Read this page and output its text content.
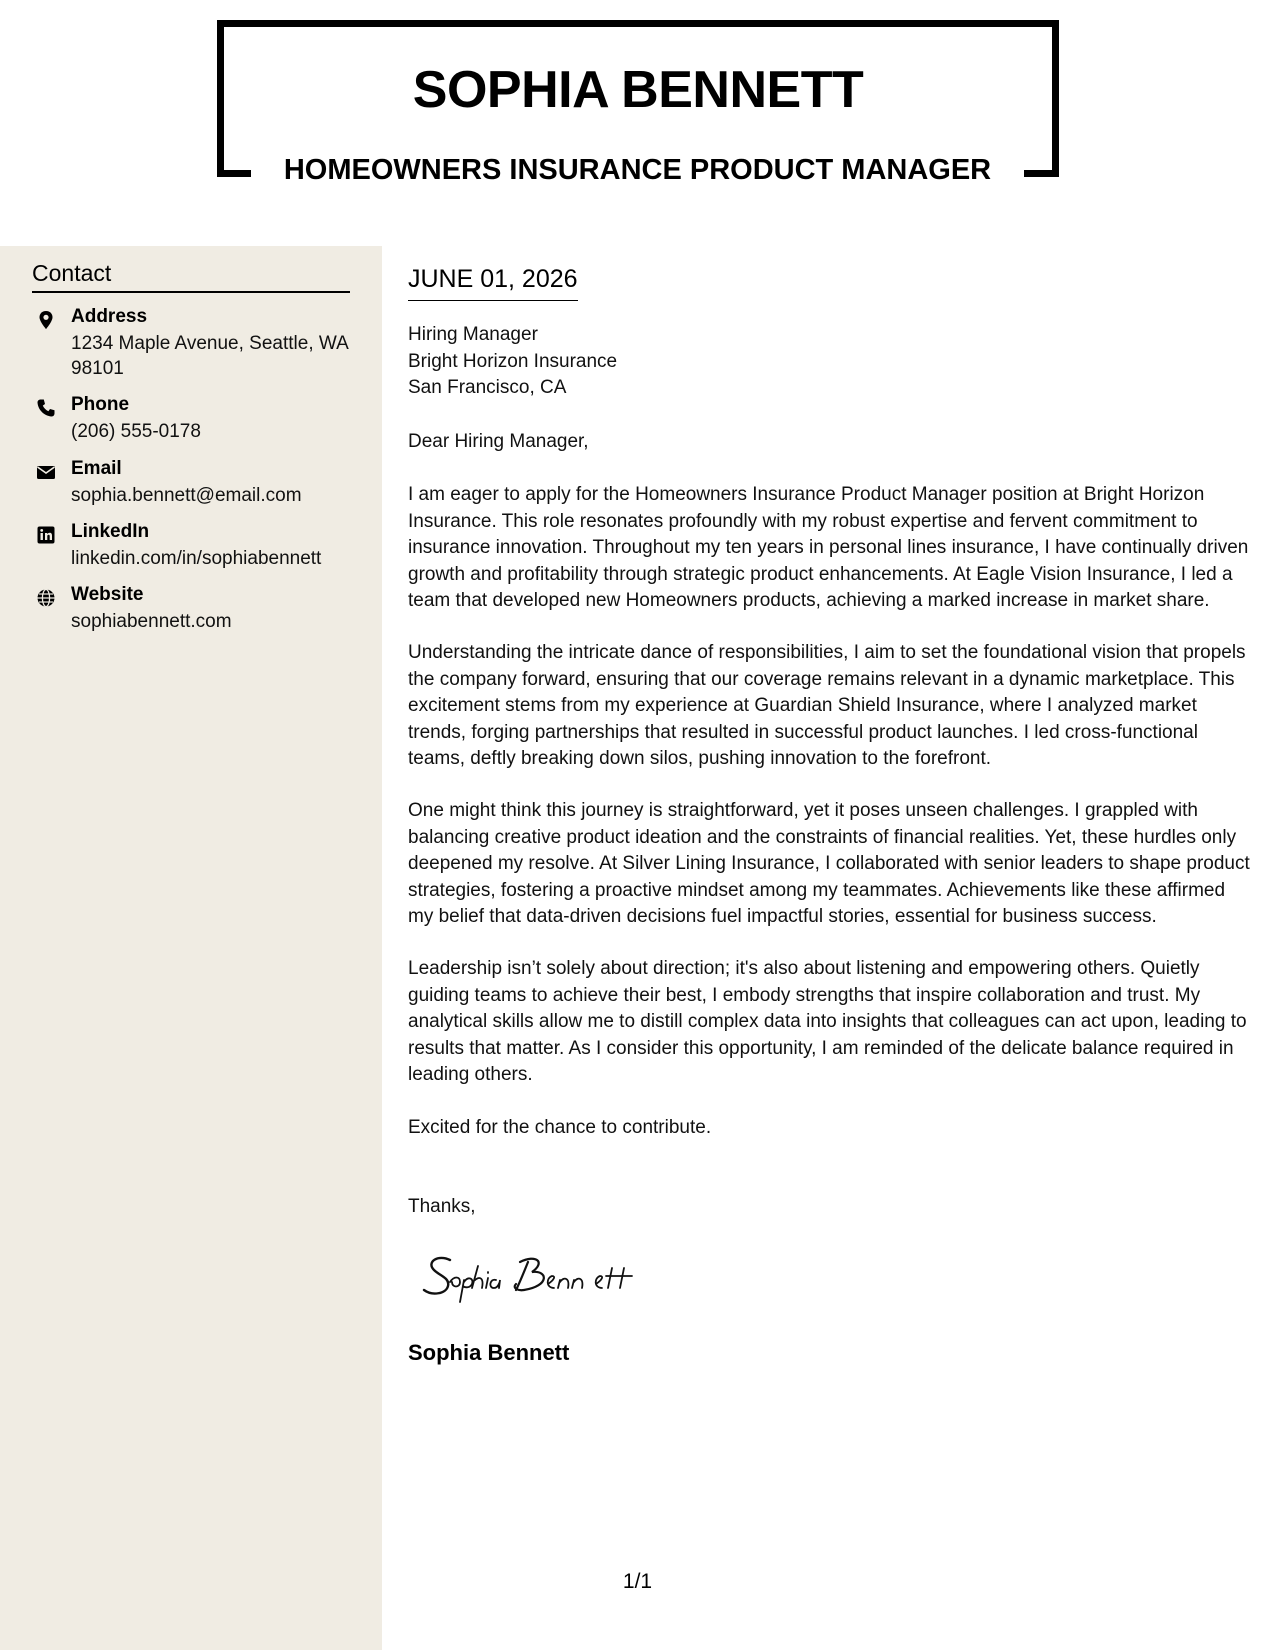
SOPHIA BENNETT
HOMEOWNERS INSURANCE PRODUCT MANAGER
Contact
Address
1234 Maple Avenue, Seattle, WA 98101
Phone
(206) 555-0178
Email
sophia.bennett@email.com
LinkedIn
linkedin.com/in/sophiabennett
Website
sophiabennett.com
JUNE 01, 2026
Hiring Manager
Bright Horizon Insurance
San Francisco, CA
Dear Hiring Manager,
I am eager to apply for the Homeowners Insurance Product Manager position at Bright Horizon Insurance. This role resonates profoundly with my robust expertise and fervent commitment to insurance innovation. Throughout my ten years in personal lines insurance, I have continually driven growth and profitability through strategic product enhancements. At Eagle Vision Insurance, I led a team that developed new Homeowners products, achieving a marked increase in market share.
Understanding the intricate dance of responsibilities, I aim to set the foundational vision that propels the company forward, ensuring that our coverage remains relevant in a dynamic marketplace. This excitement stems from my experience at Guardian Shield Insurance, where I analyzed market trends, forging partnerships that resulted in successful product launches. I led cross-functional teams, deftly breaking down silos, pushing innovation to the forefront.
One might think this journey is straightforward, yet it poses unseen challenges. I grappled with balancing creative product ideation and the constraints of financial realities. Yet, these hurdles only deepened my resolve. At Silver Lining Insurance, I collaborated with senior leaders to shape product strategies, fostering a proactive mindset among my teammates. Achievements like these affirmed my belief that data-driven decisions fuel impactful stories, essential for business success.
Leadership isn’t solely about direction; it's also about listening and empowering others. Quietly guiding teams to achieve their best, I embody strengths that inspire collaboration and trust. My analytical skills allow me to distill complex data into insights that colleagues can act upon, leading to results that matter. As I consider this opportunity, I am reminded of the delicate balance required in leading others.
Excited for the chance to contribute.
Thanks,
Sophia Bennett
1/1
